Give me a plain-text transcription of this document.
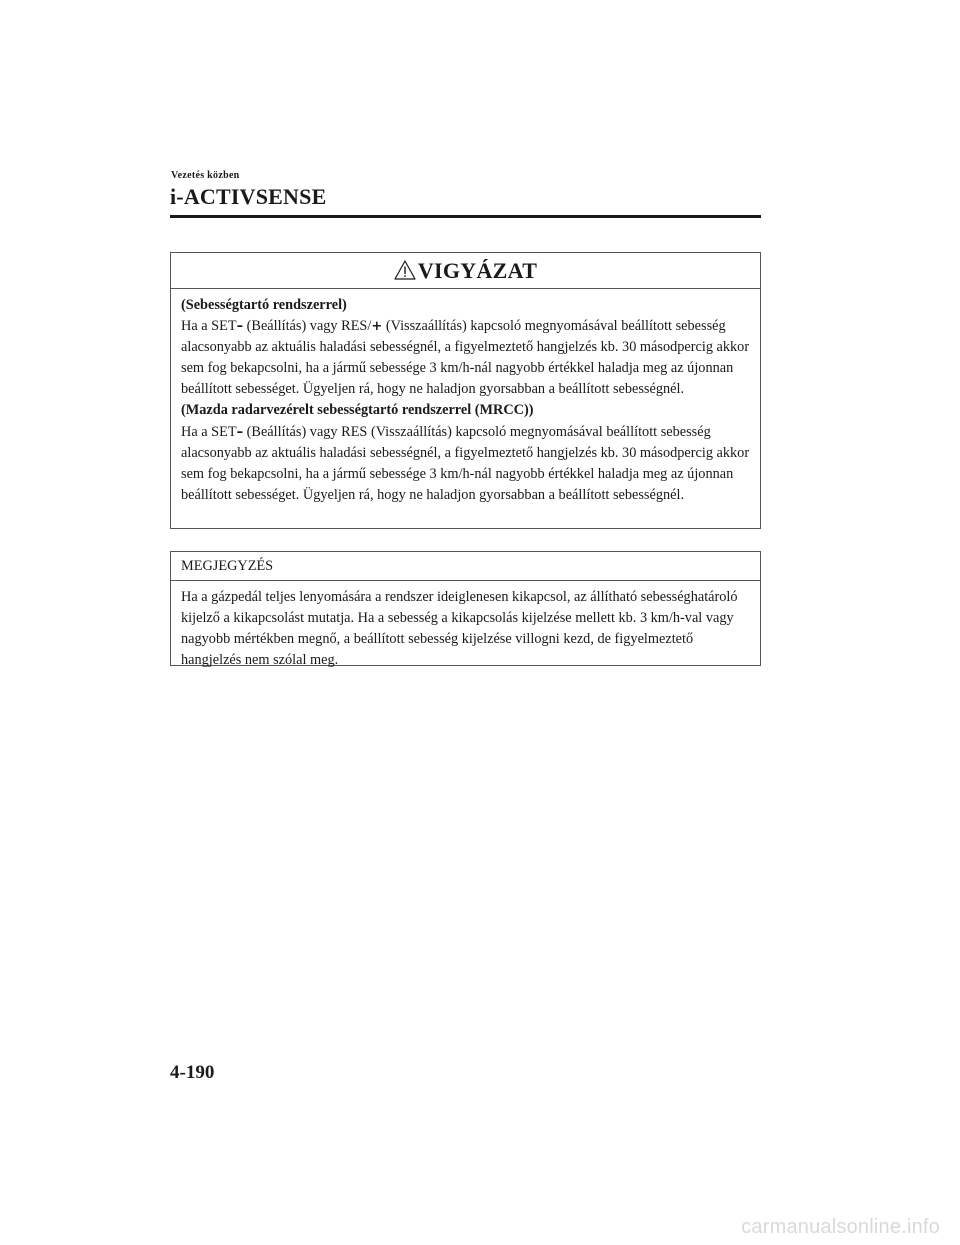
Vezetés közben
i-ACTIVSENSE
VIGYÁZAT
(Sebességtartó rendszerrel)
Ha a SET– (Beállítás) vagy RES/+ (Visszaállítás) kapcsoló megnyomásával beállított sebesség alacsonyabb az aktuális haladási sebességnél, a figyelmeztető hangjelzés kb. 30 másodpercig akkor sem fog bekapcsolni, ha a jármű sebessége 3 km/h-nál nagyobb értékkel haladja meg az újonnan beállított sebességet. Ügyeljen rá, hogy ne haladjon gyorsabban a beállított sebességnél.
(Mazda radarvezérelt sebességtartó rendszerrel (MRCC))
Ha a SET– (Beállítás) vagy RES (Visszaállítás) kapcsoló megnyomásával beállított sebesség alacsonyabb az aktuális haladási sebességnél, a figyelmeztető hangjelzés kb. 30 másodpercig akkor sem fog bekapcsolni, ha a jármű sebessége 3 km/h-nál nagyobb értékkel haladja meg az újonnan beállított sebességet. Ügyeljen rá, hogy ne haladjon gyorsabban a beállított sebességnél.
MEGJEGYZÉS
Ha a gázpedál teljes lenyomására a rendszer ideiglenesen kikapcsol, az állítható sebességhatároló kijelző a kikapcsolást mutatja. Ha a sebesség a kikapcsolás kijelzése mellett kb. 3 km/h-val vagy nagyobb mértékben megnő, a beállított sebesség kijelzése villogni kezd, de figyelmeztető hangjelzés nem szólal meg.
4-190
carmanualsonline.info
